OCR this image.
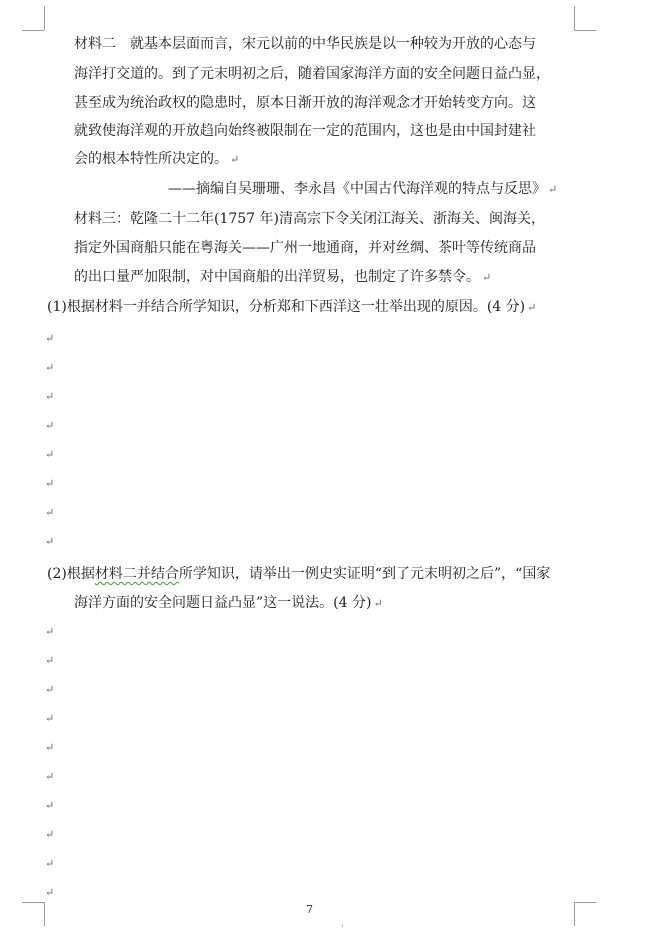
材料二　就基本层面而言，宋元以前的中华民族是以一种较为开放的心态与
海洋打交道的。到了元末明初之后，随着国家海洋方面的安全问题日益凸显，
甚至成为统治政权的隐患时，原本日渐开放的海洋观念才开始转变方向。这
就致使海洋观的开放趋向始终被限制在一定的范围内，这也是由中国封建社
会的根本特性所决定的。 ↵
——摘编自吴珊珊、李永昌《中国古代海洋观的特点与反思》 ↵
材料三：乾隆二十二年(1757 年)清高宗下令关闭江海关、浙海关、闽海关，
指定外国商船只能在粤海关——广州一地通商，并对丝绸、茶叶等传统商品
的出口量严加限制，对中国商船的出洋贸易，也制定了许多禁令。 ↵
(1)根据材料一并结合所学知识，分析郑和下西洋这一壮举出现的原因。(4 分) ↵
↵
↵
↵
↵
↵
↵
↵
↵
(2)根据材料二并结合所学知识，请举出一例史实证明“到了元末明初之后”，“国家
海洋方面的安全问题日益凸显”这一说法。(4 分) ↵
↵
↵
↵
↵
↵
↵
↵
↵
↵
↵
7
·
